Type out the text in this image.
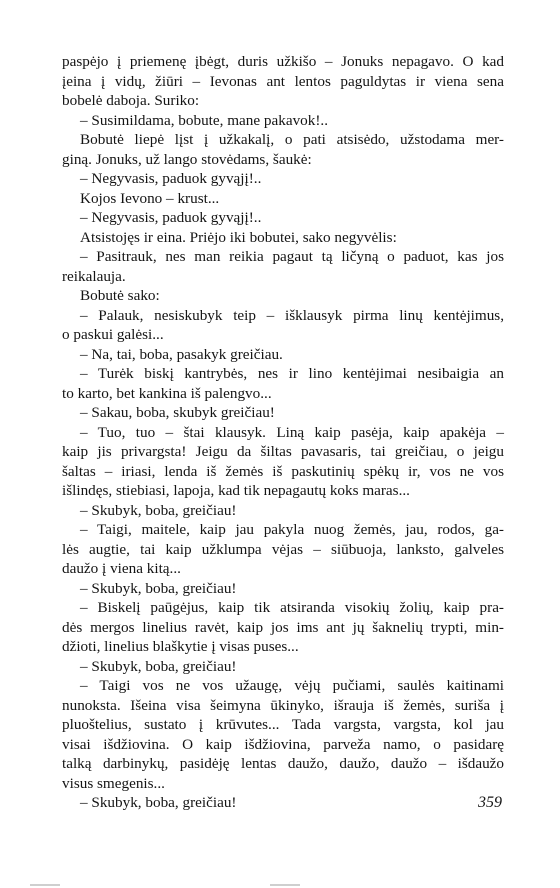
paspėjo į priemenę įbėgt, duris užkišo – Jonuks nepagavo. O kad
įeina į vidų, žiūri – Ievonas ant lentos paguldytas ir viena sena
bobelė daboja. Suriko:
– Susimildama, bobute, mane pakavok!..
Bobutė liepė lįst į užkakalį, o pati atsisėdo, užstodama mer-
giną. Jonuks, už lango stovėdams, šaukė:
– Negyvasis, paduok gyvąjį!..
Kojos Ievono – krust...
– Negyvasis, paduok gyvąjį!..
Atsistojęs ir eina. Priėjo iki bobutei, sako negyvėlis:
– Pasitrauk, nes man reikia pagaut tą ličyną o paduot, kas jos
reikalauja.
Bobutė sako:
– Palauk, nesiskubyk teip – išklausyk pirma linų kentėjimus,
o paskui galėsi...
– Na, tai, boba, pasakyk greičiau.
– Turėk biskį kantrybės, nes ir lino kentėjimai nesibaigia an
to karto, bet kankina iš palengvo...
– Sakau, boba, skubyk greičiau!
– Tuo, tuo – štai klausyk. Liną kaip pasėja, kaip apakėja –
kaip jis privargsta! Jeigu da šiltas pavasaris, tai greičiau, o jeigu
šaltas – iriasi, lenda iš žemės iš paskutinių spėkų ir, vos ne vos
išlindęs, stiebiasi, lapoja, kad tik nepagautų koks maras...
– Skubyk, boba, greičiau!
– Taigi, maitele, kaip jau pakyla nuog žemės, jau, rodos, ga-
lės augtie, tai kaip užklumpa vėjas – siūbuoja, lanksto, galveles
daužo į viena kitą...
– Skubyk, boba, greičiau!
– Biskelį paūgėjus, kaip tik atsiranda visokių žolių, kaip pra-
dės mergos linelius ravėt, kaip jos ims ant jų šaknelių trypti, min-
džioti, linelius blaškytie į visas puses...
– Skubyk, boba, greičiau!
– Taigi vos ne vos užaugę, vėjų pučiami, saulės kaitinami
nunoksta. Išeina visa šeimyna ūkinyko, išrauja iš žemės, suriša į
pluoštelius, sustato į krūvutes... Tada vargsta, vargsta, kol jau
visai išdžiovina. O kaip išdžiovina, parveža namo, o pasidarę
talką darbinykų, pasidėję lentas daužo, daužo, daužo – išdaužo
visus smegenis...
– Skubyk, boba, greičiau!	359
